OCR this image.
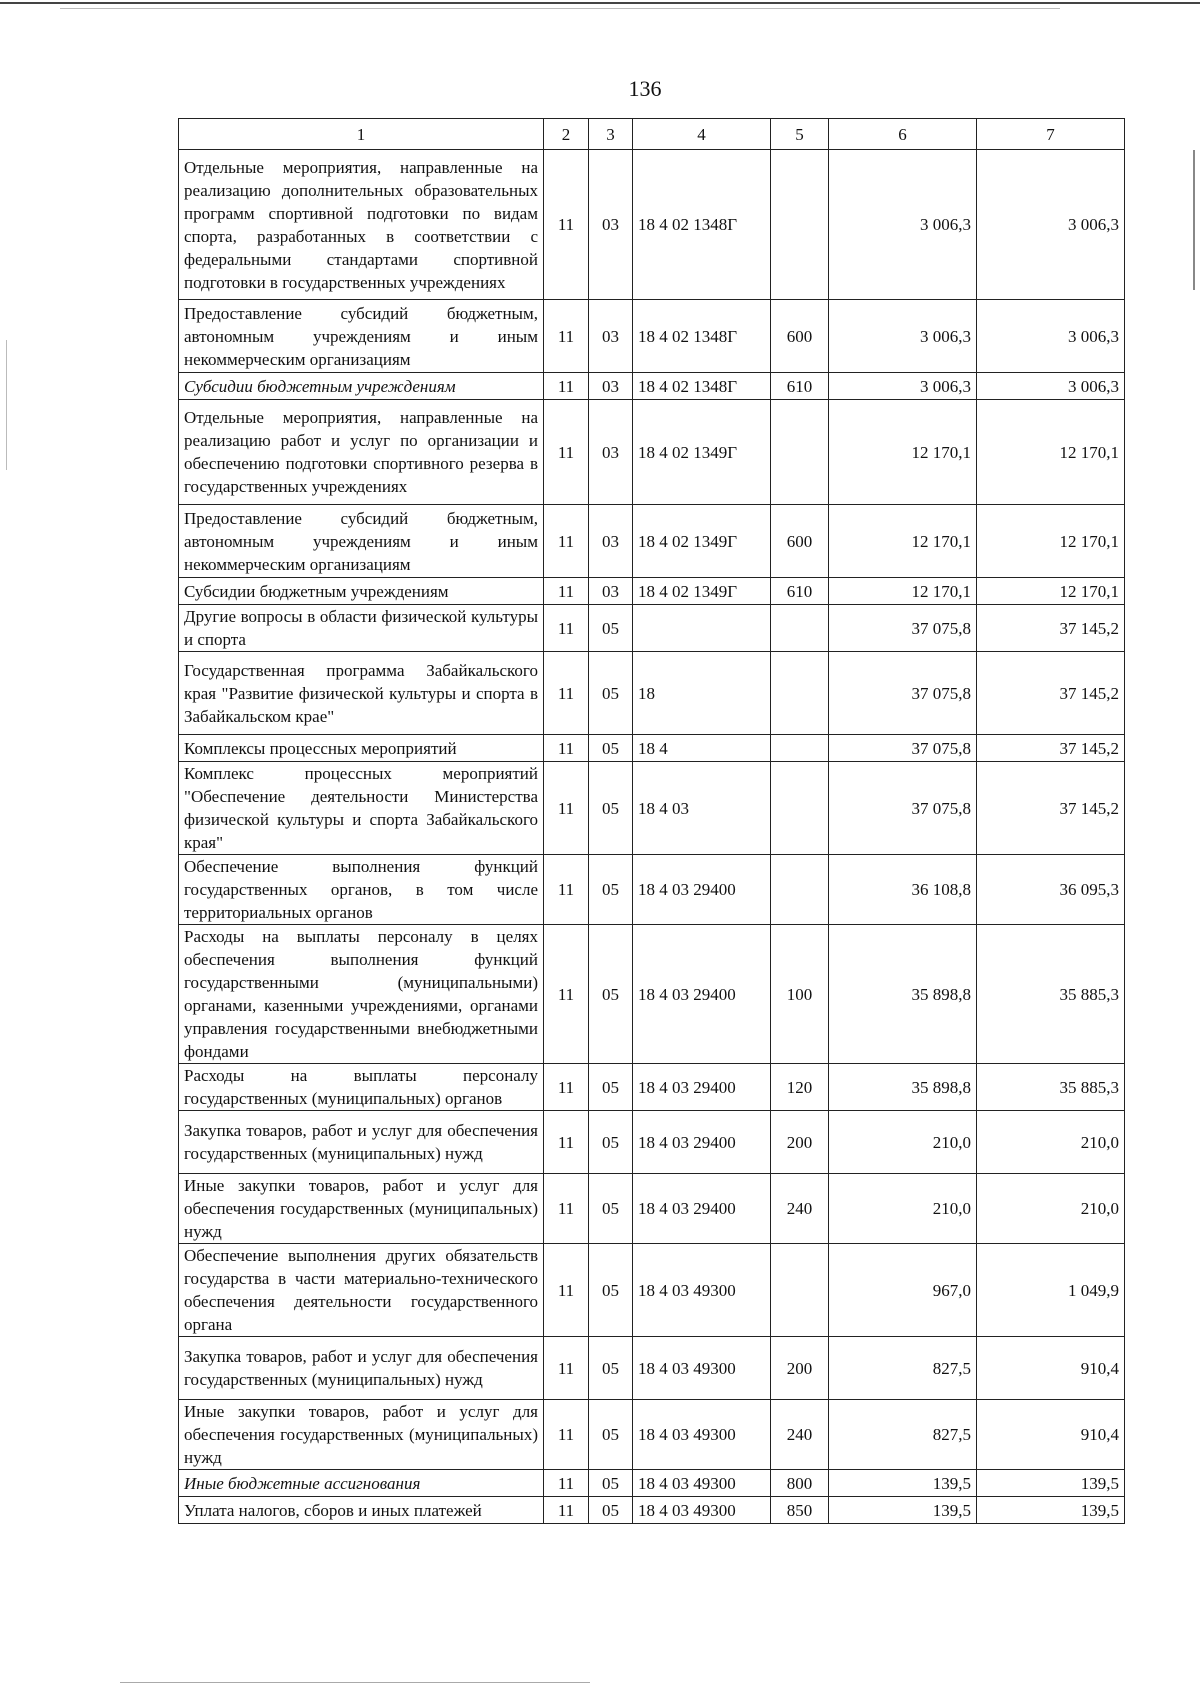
136
1	2	3	4	5	6	7
Отдельные мероприятия, направленные на реализацию дополнительных образовательных программ спортивной подготовки по видам спорта, разработанных в соответствии с федеральными стандартами спортивной подготовки в государственных учреждениях	11	03	18 4 02 1348Г		3 006,3	3 006,3
Предоставление субсидий бюджетным, автономным учреждениям и иным некоммерческим организациям	11	03	18 4 02 1348Г	600	3 006,3	3 006,3
Субсидии бюджетным учреждениям	11	03	18 4 02 1348Г	610	3 006,3	3 006,3
Отдельные мероприятия, направленные на реализацию работ и услуг по организации и обеспечению подготовки спортивного резерва в государственных учреждениях	11	03	18 4 02 1349Г		12 170,1	12 170,1
Предоставление субсидий бюджетным, автономным учреждениям и иным некоммерческим организациям	11	03	18 4 02 1349Г	600	12 170,1	12 170,1
Субсидии бюджетным учреждениям	11	03	18 4 02 1349Г	610	12 170,1	12 170,1
Другие вопросы в области физической культуры и спорта	11	05			37 075,8	37 145,2
Государственная программа Забайкальского края "Развитие физической культуры и спорта в Забайкальском крае"	11	05	18		37 075,8	37 145,2
Комплексы процессных мероприятий	11	05	18 4		37 075,8	37 145,2
Комплекс процессных мероприятий "Обеспечение деятельности Министерства физической культуры и спорта Забайкальского края"	11	05	18 4 03		37 075,8	37 145,2
Обеспечение выполнения функций государственных органов, в том числе территориальных органов	11	05	18 4 03 29400		36 108,8	36 095,3
Расходы на выплаты персоналу в целях обеспечения выполнения функций государственными (муниципальными) органами, казенными учреждениями, органами управления государственными внебюджетными фондами	11	05	18 4 03 29400	100	35 898,8	35 885,3
Расходы на выплаты персоналу государственных (муниципальных) органов	11	05	18 4 03 29400	120	35 898,8	35 885,3
Закупка товаров, работ и услуг для обеспечения государственных (муниципальных) нужд	11	05	18 4 03 29400	200	210,0	210,0
Иные закупки товаров, работ и услуг для обеспечения государственных (муниципальных) нужд	11	05	18 4 03 29400	240	210,0	210,0
Обеспечение выполнения других обязательств государства в части материально-технического обеспечения деятельности государственного органа	11	05	18 4 03 49300		967,0	1 049,9
Закупка товаров, работ и услуг для обеспечения государственных (муниципальных) нужд	11	05	18 4 03 49300	200	827,5	910,4
Иные закупки товаров, работ и услуг для обеспечения государственных (муниципальных) нужд	11	05	18 4 03 49300	240	827,5	910,4
Иные бюджетные ассигнования	11	05	18 4 03 49300	800	139,5	139,5
Уплата налогов, сборов и иных платежей	11	05	18 4 03 49300	850	139,5	139,5
